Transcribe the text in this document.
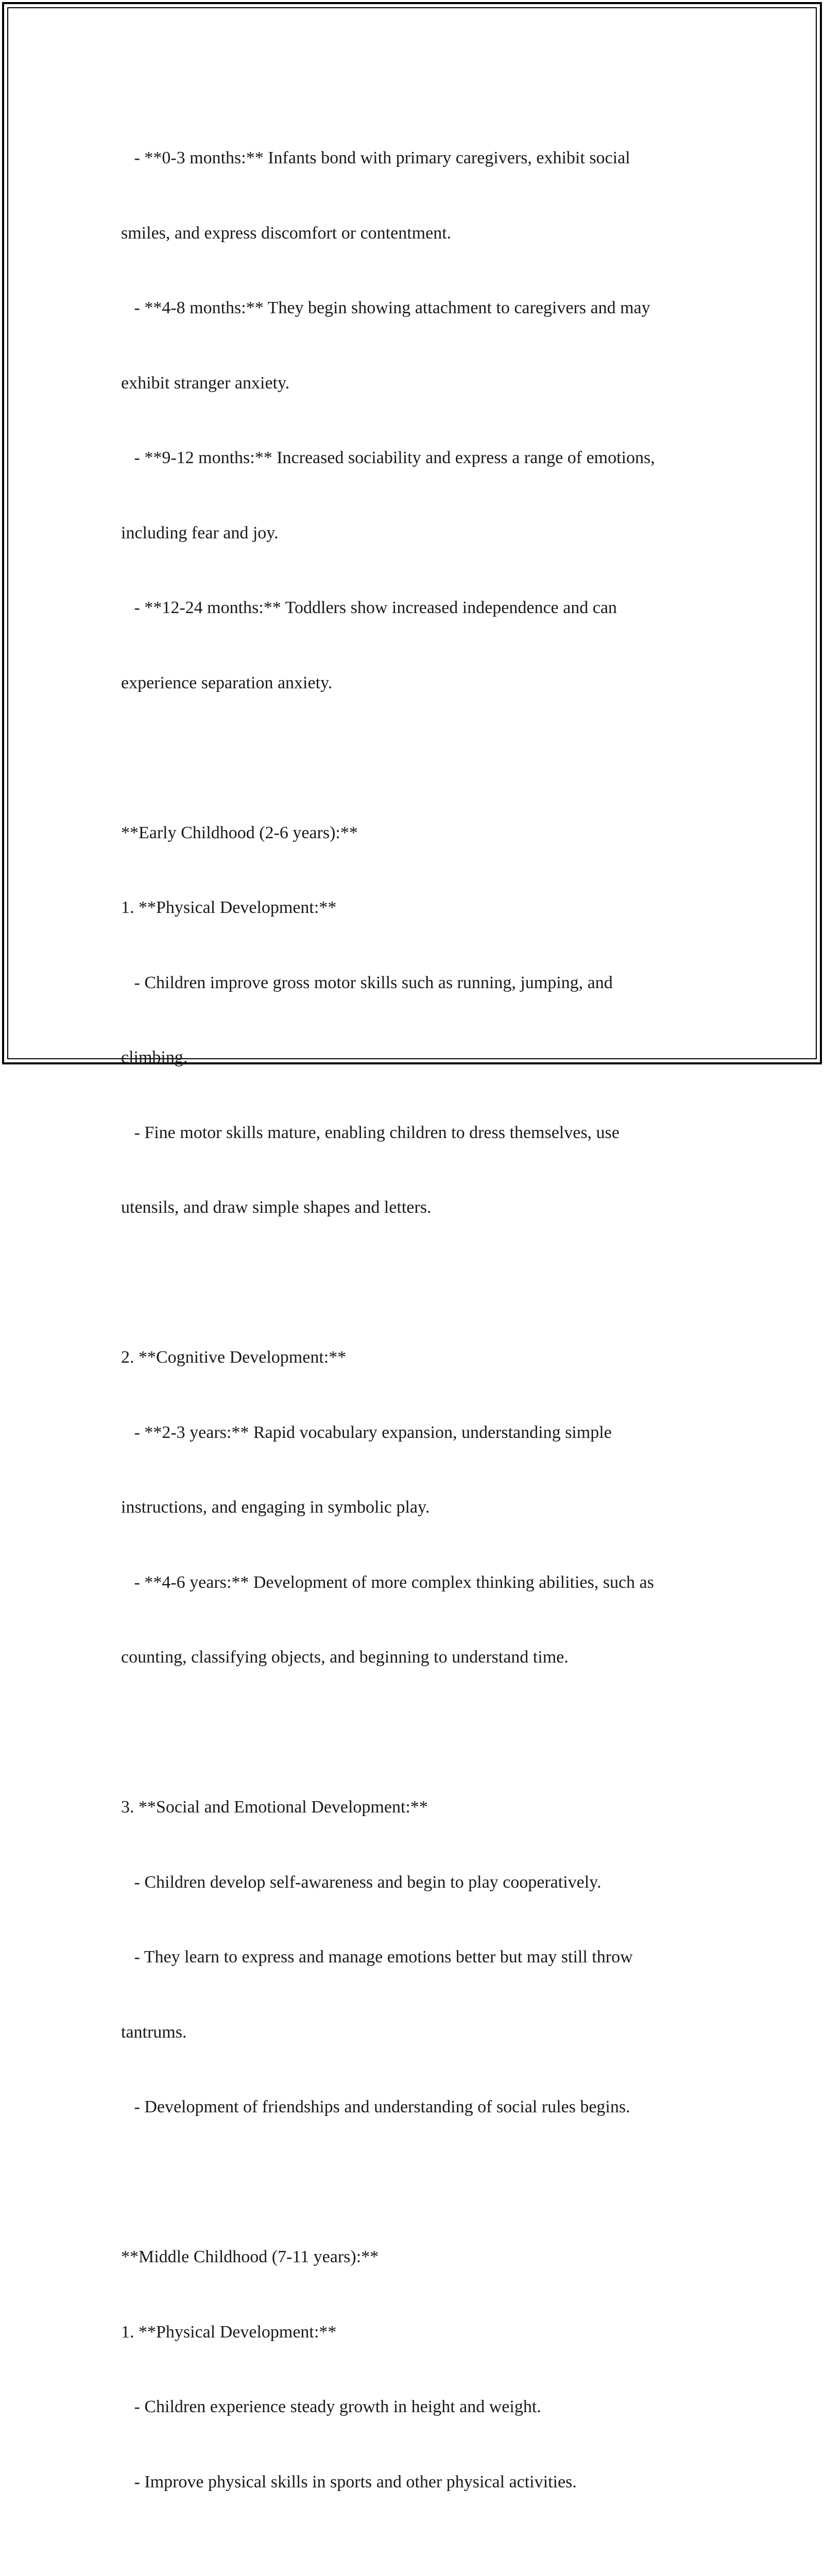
- **0-3 months:** Infants bond with primary caregivers, exhibit social

smiles, and express discomfort or contentment.

- **4-8 months:** They begin showing attachment to caregivers and may

exhibit stranger anxiety.

- **9-12 months:** Increased sociability and express a range of emotions,

including fear and joy.

- **12-24 months:** Toddlers show increased independence and can

experience separation anxiety.

**Early Childhood (2-6 years):**

1. **Physical Development:**

- Children improve gross motor skills such as running, jumping, and

climbing.

- Fine motor skills mature, enabling children to dress themselves, use

utensils, and draw simple shapes and letters.

2. **Cognitive Development:**

- **2-3 years:** Rapid vocabulary expansion, understanding simple

instructions, and engaging in symbolic play.

- **4-6 years:** Development of more complex thinking abilities, such as

counting, classifying objects, and beginning to understand time.

3. **Social and Emotional Development:**

- Children develop self-awareness and begin to play cooperatively.

- They learn to express and manage emotions better but may still throw

tantrums.

- Development of friendships and understanding of social rules begins.

**Middle Childhood (7-11 years):**

1. **Physical Development:**

- Children experience steady growth in height and weight.

- Improve physical skills in sports and other physical activities.
